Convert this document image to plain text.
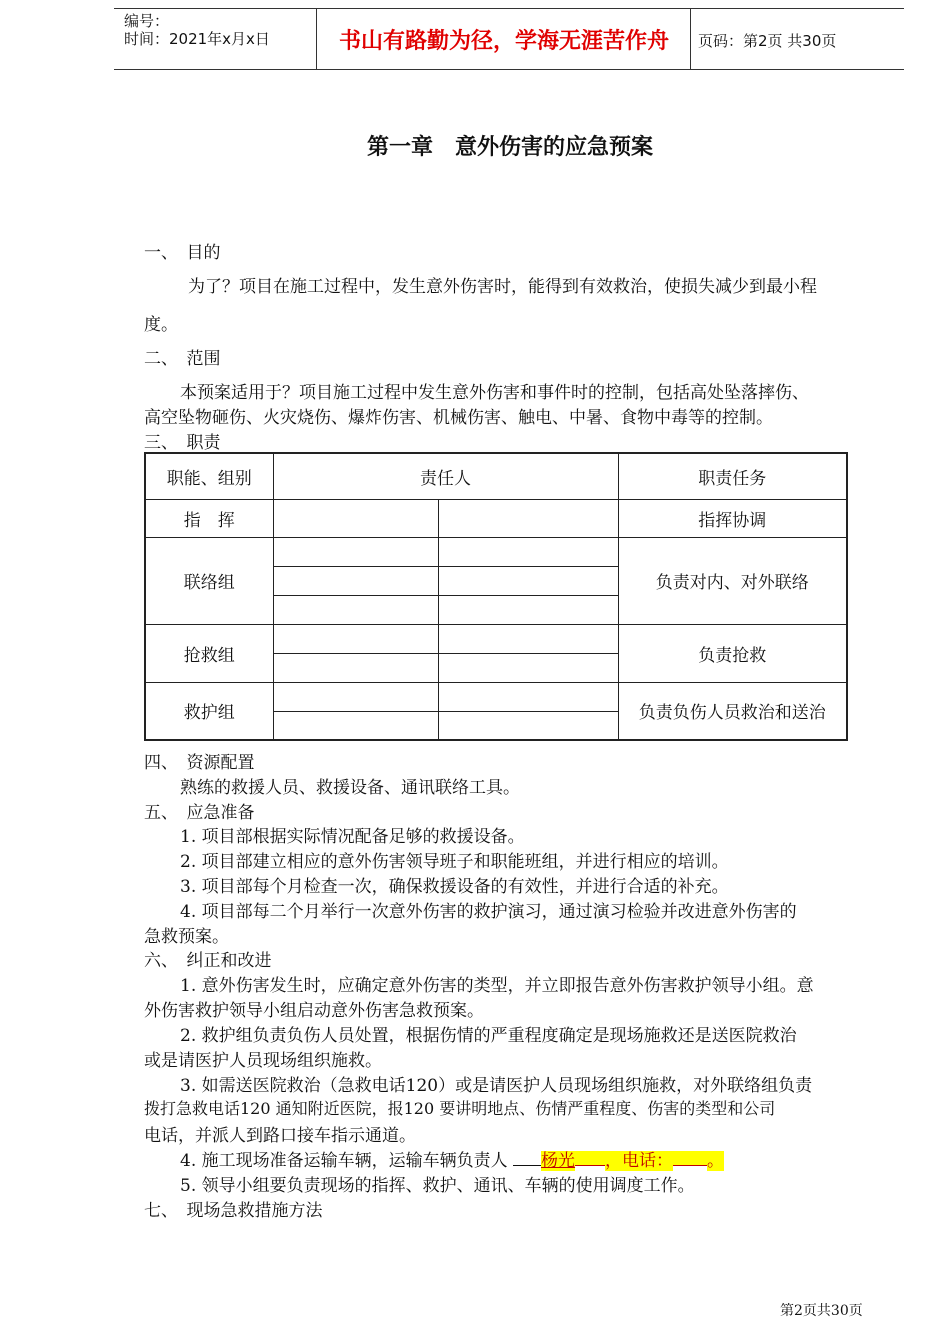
编号：
时间：2021年x月x日	书山有路勤为径，学海无涯苦作舟	页码：第2页 共30页
第一章　意外伤害的应急预案
一、　目的
为了？项目在施工过程中，发生意外伤害时，能得到有效救治，使损失减少到最小程
度。
二、　范围
本预案适用于？项目施工过程中发生意外伤害和事件时的控制，包括高处坠落摔伤、
高空坠物砸伤、火灾烧伤、爆炸伤害、机械伤害、触电、中暑、食物中毒等的控制。
三、　职责
职能、组别	责任人		职责任务
指　挥			指挥协调
联络组			负责对内、对外联络

抢救组			负责抢救

救护组			负责负伤人员救治和送治

四、　资源配置
熟练的救援人员、救援设备、通讯联络工具。
五、　应急准备
1. 项目部根据实际情况配备足够的救援设备。
2. 项目部建立相应的意外伤害领导班子和职能班组，并进行相应的培训。
3. 项目部每个月检查一次，确保救援设备的有效性，并进行合适的补充。
4. 项目部每二个月举行一次意外伤害的救护演习，通过演习检验并改进意外伤害的
急救预案。
六、　纠正和改进
1. 意外伤害发生时，应确定意外伤害的类型，并立即报告意外伤害救护领导小组。意
外伤害救护领导小组启动意外伤害急救预案。
2. 救护组负责负伤人员处置，根据伤情的严重程度确定是现场施救还是送医院救治
或是请医护人员现场组织施救。
3. 如需送医院救治（急救电话120）或是请医护人员现场组织施救，对外联络组负责
拨打急救电话120 通知附近医院，报120 要讲明地点、伤情严重程度、伤害的类型和公司
电话，并派人到路口接车指示通道。
4. 施工现场准备运输车辆，运输车辆负责人 杨光 ，电话： 。
5. 领导小组要负责现场的指挥、救护、通讯、车辆的使用调度工作。
七、　现场急救措施方法
第2页共30页
